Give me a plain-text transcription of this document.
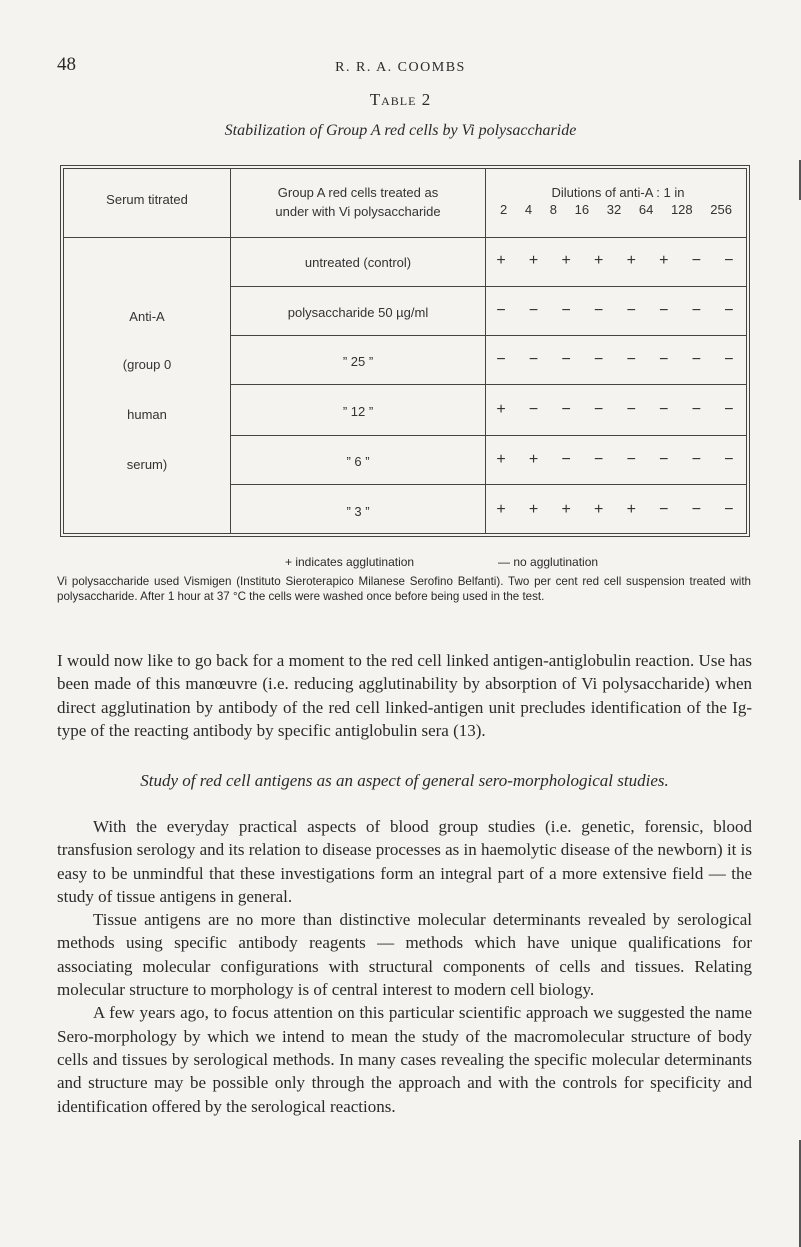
48	R. R. A. COOMBS
Table 2
Stabilization of Group A red cells by Vi polysaccharide
Serum titrated	Group A red cells treated as
under with Vi polysaccharide
Dilutions of anti-A : 1 in
2 4 8 16 32 64 128 256
Anti-A
(group 0
human
serum)
untreated (control)	+	+	+	+	+	+	−	−
polysaccharide 50 µg/ml	−	−	−	−	−	−	−	−
” 25 ”	−	−	−	−	−	−	−	−
” 12 ”	+	−	−	−	−	−	−	−
” 6 ”	+	+	−	−	−	−	−	−
” 3 ”	+	+	+	+	+	−	−	−
+ indicates agglutination	— no agglutination
Vi polysaccharide used Vismigen (Instituto Sieroterapico Milanese Serofino Belfanti). Two per cent red cell suspension treated with polysaccharide. After 1 hour at 37 °C the cells were washed once before being used in the test.

I would now like to go back for a moment to the red cell linked antigen-antiglobulin reaction. Use has been made of this manœuvre (i.e. reducing agglutinability by absorption of Vi polysaccharide) when direct agglutination by antibody of the red cell linked-antigen unit precludes identification of the Ig-type of the reacting antibody by specific antiglobulin sera (13).

Study of red cell antigens as an aspect of general sero-morphological studies.

With the everyday practical aspects of blood group studies (i.e. genetic, forensic, blood transfusion serology and its relation to disease processes as in haemolytic disease of the newborn) it is easy to be unmindful that these investigations form an integral part of a more extensive field — the study of tissue antigens in general.

Tissue antigens are no more than distinctive molecular determinants revealed by serological methods using specific antibody reagents — methods which have unique qualifications for associating molecular configurations with structural components of cells and tissues. Relating molecular structure to morphology is of central interest to modern cell biology.

A few years ago, to focus attention on this particular scientific approach we suggested the name Sero-morphology by which we intend to mean the study of the macromolecular structure of body cells and tissues by serological methods. In many cases revealing the specific molecular determinants and structure may be possible only through the approach and with the controls for specificity and identification offered by the serological reactions.
